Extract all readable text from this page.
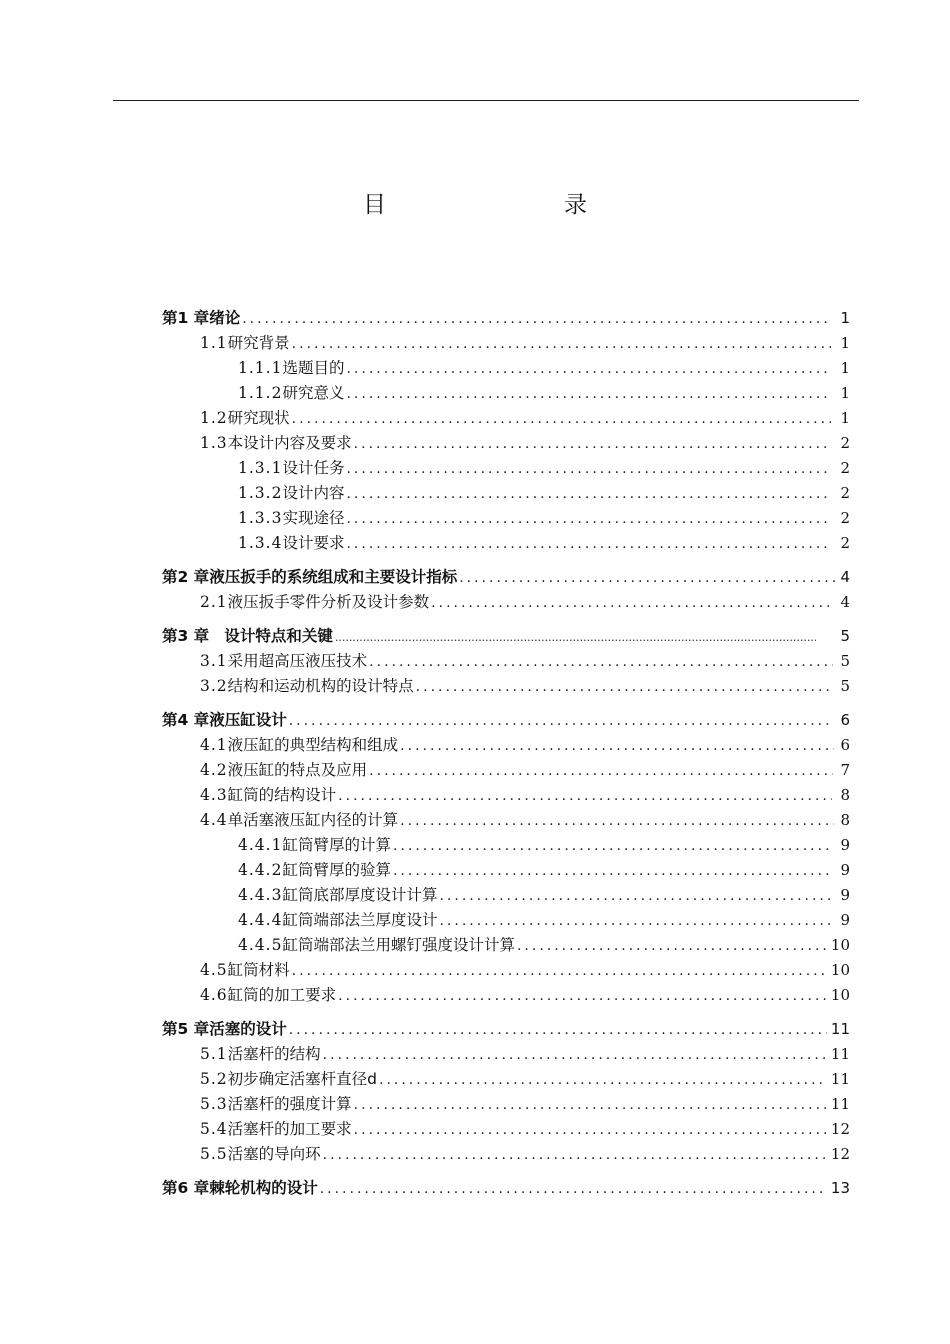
目　　录
第1 章 绪论 .....	1
1.1 研究背景 .....	1
1.1.1 选题目的 .....	1
1.1.2 研究意义 .....	1
1.2 研究现状 .....	1
1.3 本设计内容及要求 .....	2
1.3.1 设计任务 .....	2
1.3.2 设计内容 .....	2
1.3.3 实现途径 .....	2
1.3.4 设计要求 .....	2
第2 章 液压扳手的系统组成和主要设计指标 .....	4
2.1 液压扳手零件分析及设计参数 .....	4
第3 章 设计特点和关键 .....	5
3.1 采用超高压液压技术 .....	5
3.2 结构和运动机构的设计特点 .....	5
第4 章 液压缸设计 .....	6
4.1 液压缸的典型结构和组成 .....	6
4.2 液压缸的特点及应用 .....	7
4.3 缸筒的结构设计 .....	8
4.4 单活塞液压缸内径的计算 .....	8
4.4.1 缸筒臂厚的计算 .....	9
4.4.2 缸筒臂厚的验算 .....	9
4.4.3 缸筒底部厚度设计计算 .....	9
4.4.4 缸筒端部法兰厚度设计 .....	9
4.4.5 缸筒端部法兰用螺钉强度设计计算 .....	10
4.5 缸筒材料 .....	10
4.6 缸筒的加工要求 .....	10
第5 章 活塞的设计 .....	11
5.1 活塞杆的结构 .....	11
5.2 初步确定活塞杆直径d .....	11
5.3 活塞杆的强度计算 .....	11
5.4 活塞杆的加工要求 .....	12
5.5 活塞的导向环 .....	12
第6 章 棘轮机构的设计 .....	13
